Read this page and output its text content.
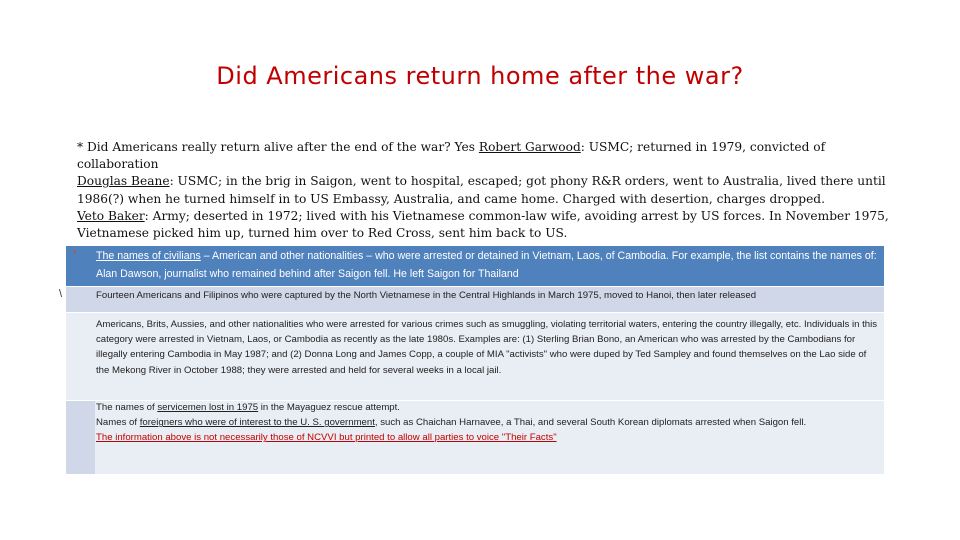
Did Americans return home after the war?

* Did Americans really return alive after the end of the war? Yes Robert Garwood: USMC; returned in 1979, convicted of collaboration

Douglas Beane: USMC; in the brig in Saigon, went to hospital, escaped; got phony R&R orders, went to Australia, lived there until 1986(?) when he turned himself in to US Embassy, Australia, and came home. Charged with desertion, charges dropped.

Veto Baker: Army; deserted in 1972; lived with his Vietnamese common-law wife, avoiding arrest by US forces. In November 1975, Vietnamese picked him up, turned him over to Red Cross, sent him back to US.

The names of civilians – American and other nationalities – who were arrested or detained in Vietnam, Laos, of Cambodia. For example, the list contains the names of: Alan Dawson, journalist who remained behind after Saigon fell. He left Saigon for Thailand
Fourteen Americans and Filipinos who were captured by the North Vietnamese in the Central Highlands in March 1975, moved to Hanoi, then later released
Americans, Brits, Aussies, and other nationalities who were arrested for various crimes such as smuggling, violating territorial waters, entering the country illegally, etc. Individuals in this category were arrested in Vietnam, Laos, or Cambodia as recently as the late 1980s. Examples are: (1) Sterling Brian Bono, an American who was arrested by the Cambodians for illegally entering Cambodia in May 1987; and (2) Donna Long and James Copp, a couple of MIA "activists" who were duped by Ted Sampley and found themselves on the Lao side of the Mekong River in October 1988; they were arrested and held for several weeks in a local jail.
The names of servicemen lost in 1975 in the Mayaguez rescue attempt.
Names of foreigners who were of interest to the U. S. government, such as Chaichan Harnavee, a Thai, and several South Korean diplomats arrested when Saigon fell.
The information above is not necessarily those of NCVVI but printed to allow all parties to voice "Their Facts"
•
\
